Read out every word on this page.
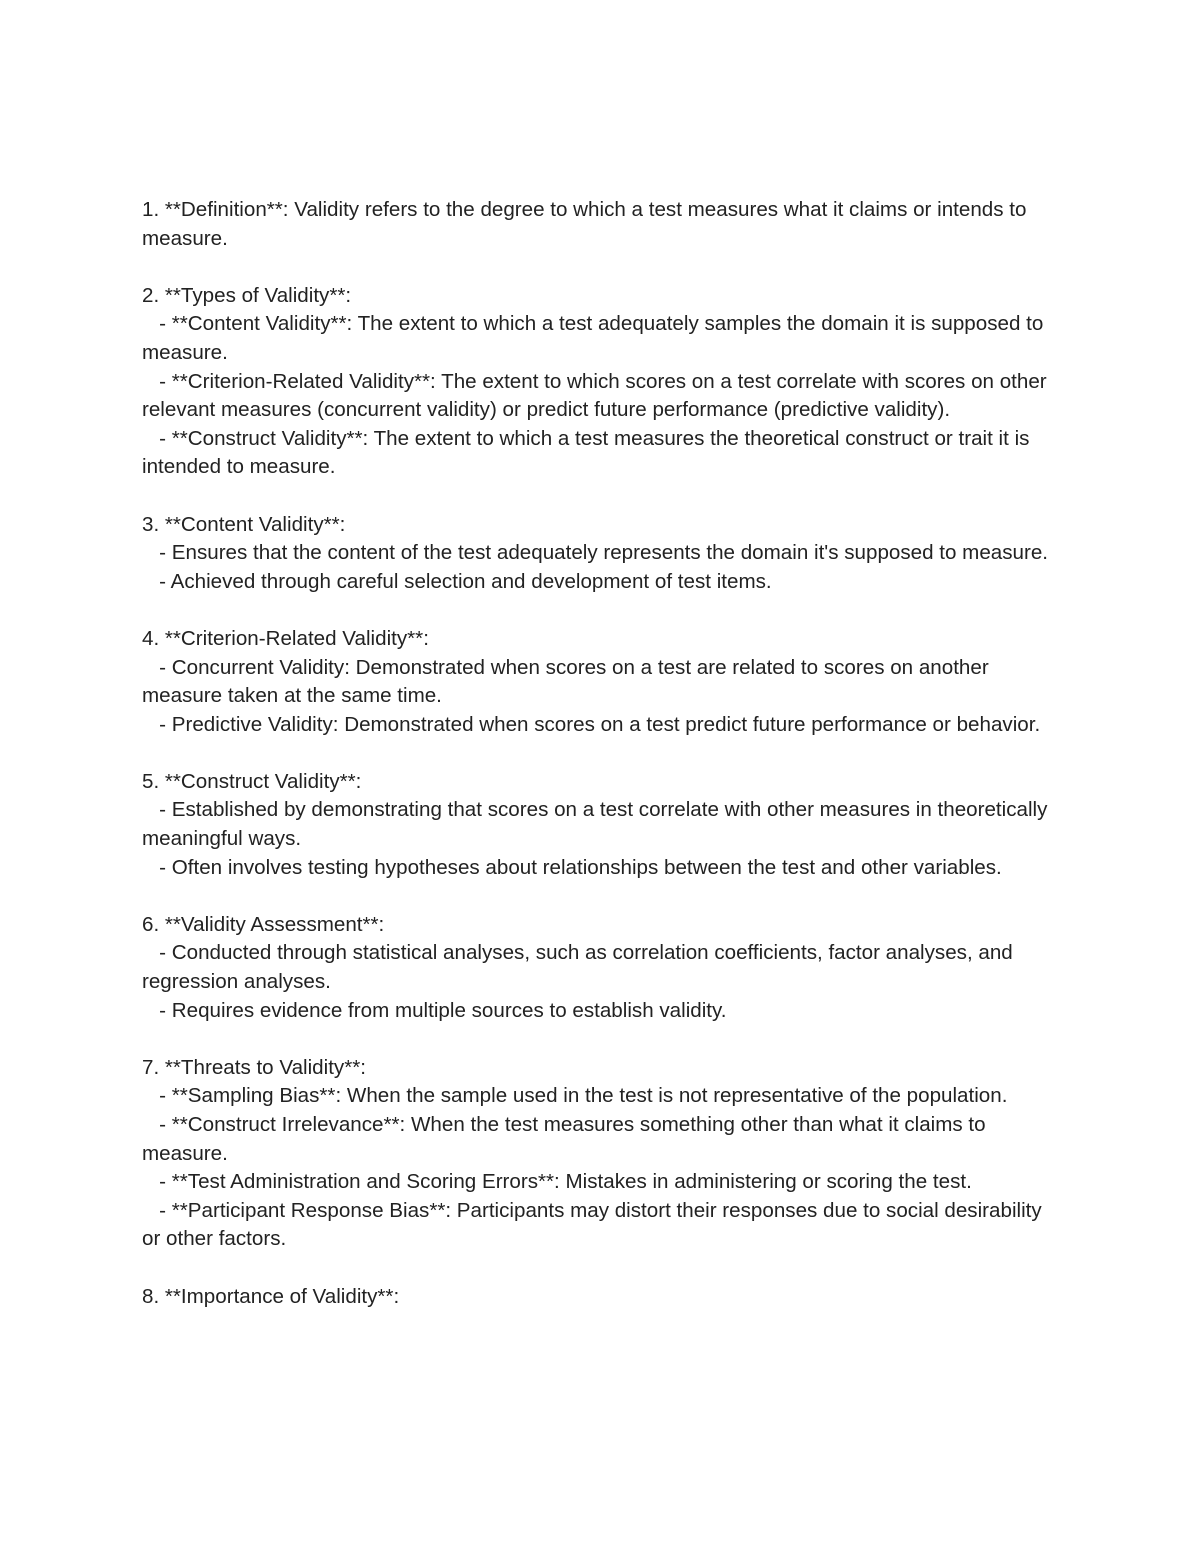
1. **Definition**: Validity refers to the degree to which a test measures what it claims or intends to measure.

2. **Types of Validity**:

- **Content Validity**: The extent to which a test adequately samples the domain it is supposed to measure.

- **Criterion-Related Validity**: The extent to which scores on a test correlate with scores on other relevant measures (concurrent validity) or predict future performance (predictive validity).

- **Construct Validity**: The extent to which a test measures the theoretical construct or trait it is intended to measure.

3. **Content Validity**:

- Ensures that the content of the test adequately represents the domain it's supposed to measure.

- Achieved through careful selection and development of test items.

4. **Criterion-Related Validity**:

- Concurrent Validity: Demonstrated when scores on a test are related to scores on another measure taken at the same time.

- Predictive Validity: Demonstrated when scores on a test predict future performance or behavior.

5. **Construct Validity**:

- Established by demonstrating that scores on a test correlate with other measures in theoretically meaningful ways.

- Often involves testing hypotheses about relationships between the test and other variables.

6. **Validity Assessment**:

- Conducted through statistical analyses, such as correlation coefficients, factor analyses, and regression analyses.

- Requires evidence from multiple sources to establish validity.

7. **Threats to Validity**:

- **Sampling Bias**: When the sample used in the test is not representative of the population.

- **Construct Irrelevance**: When the test measures something other than what it claims to measure.

- **Test Administration and Scoring Errors**: Mistakes in administering or scoring the test.

- **Participant Response Bias**: Participants may distort their responses due to social desirability or other factors.

8. **Importance of Validity**:
